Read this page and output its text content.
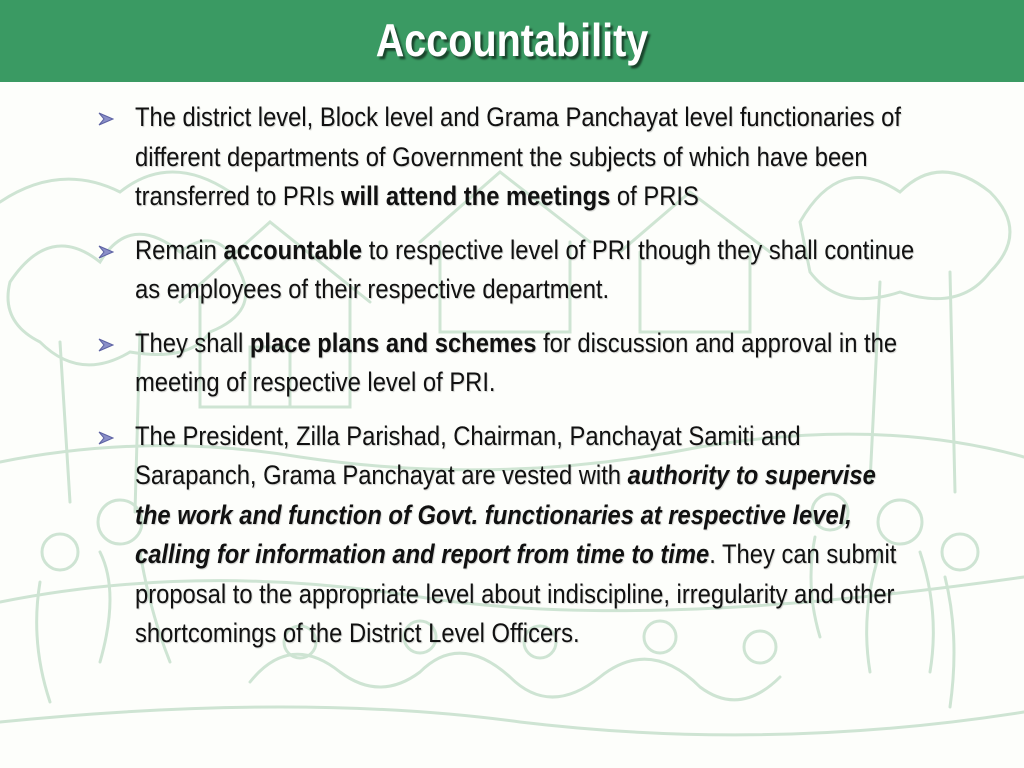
Accountability
The district level, Block level and Grama Panchayat level functionaries of different departments of Government the subjects of which have been transferred to PRIs will attend the meetings of PRIS
Remain accountable to respective level of PRI though they shall continue as employees of their respective department.
They shall place plans and schemes for discussion and approval in the meeting of respective level of PRI.
The President, Zilla Parishad, Chairman, Panchayat Samiti and Sarapanch, Grama Panchayat are vested with authority to supervise the work and function of Govt. functionaries at respective level, calling for information and report from time to time. They can submit proposal to the appropriate level about indiscipline, irregularity and other shortcomings of the District Level Officers.
